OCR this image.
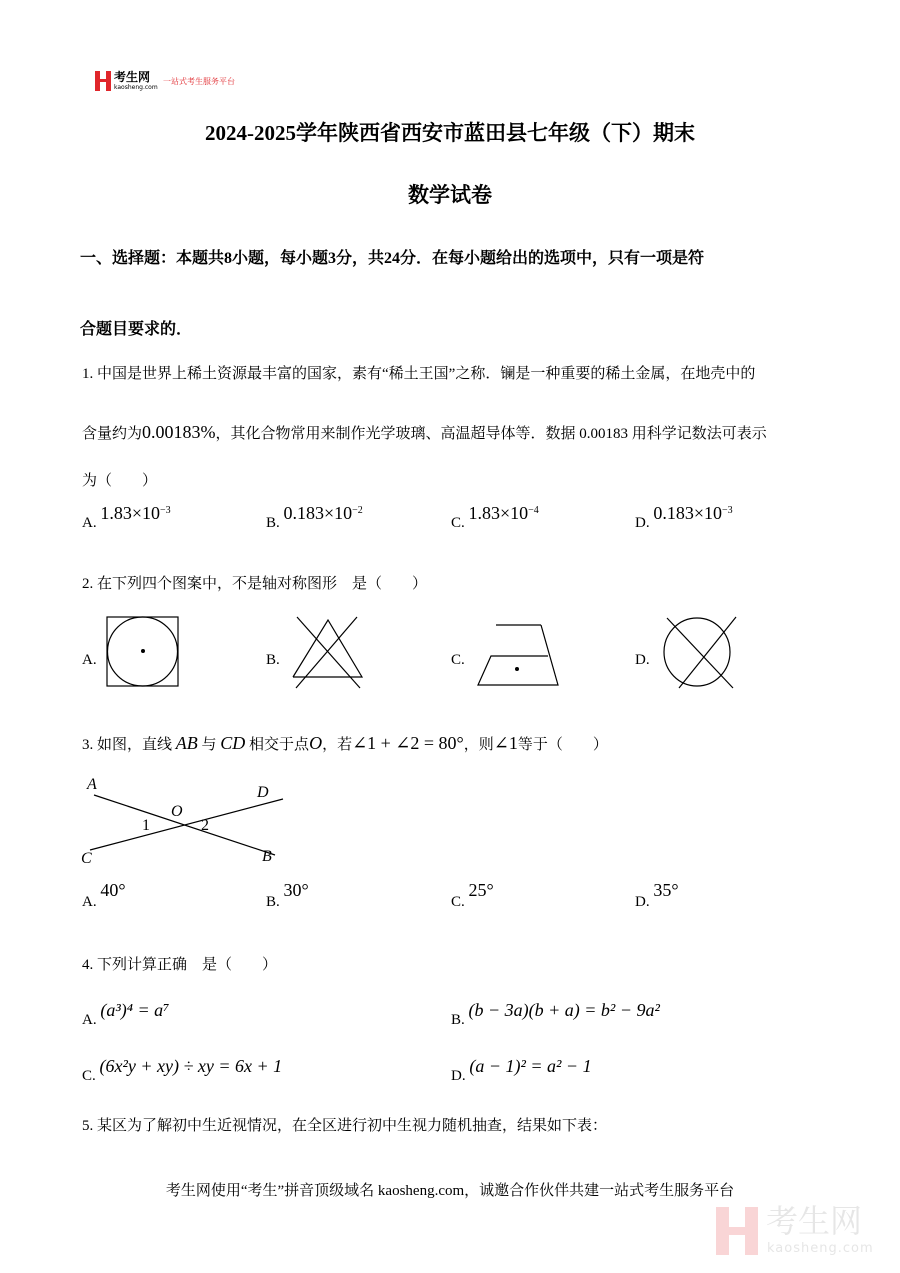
考生网
kaosheng.com
一站式考生服务平台
2024-2025学年陕西省西安市蓝田县七年级（下）期末
数学试卷
一、选择题：本题共8小题，每小题3分，共24分．在每小题给出的选项中，只有一项是符
合题目要求的．
1. 中国是世界上稀土资源最丰富的国家，素有“稀土王国”之称．镧是一种重要的稀土金属，在地壳中的
含量约为0.00183%，其化合物常用来制作光学玻璃、高温超导体等．数据 0.00183 用科学记数法可表示
为（　　）
A. $1.83\times 10^{-3}$
B. $0.183\times 10^{-2}$
C. $1.83\times 10^{-4}$
D. $0.183\times 10^{-3}$
2. 在下列四个图案中，不是轴对称图形　是（　　）
A.	B.	C.	D.
3. 如图，直线 AB 与 CD 相交于点O，若∠1 + ∠2 = 80°，则∠1等于（　　）
A	D
O
1	2
C	B
A. 40°
B. 30°
C. 25°
D. 35°
4. 下列计算正确　是（　　）
A. (a³)⁴ = a⁷	B. (b − 3a)(b + a) = b² − 9a²
C. (6x²y + xy) ÷ xy = 6x + 1	D. (a − 1)² = a² − 1
5. 某区为了解初中生近视情况，在全区进行初中生视力随机抽查，结果如下表：
考生网使用“考生”拼音顶级域名 kaosheng.com，诚邀合作伙伴共建一站式考生服务平台
考生网
kaosheng.com
